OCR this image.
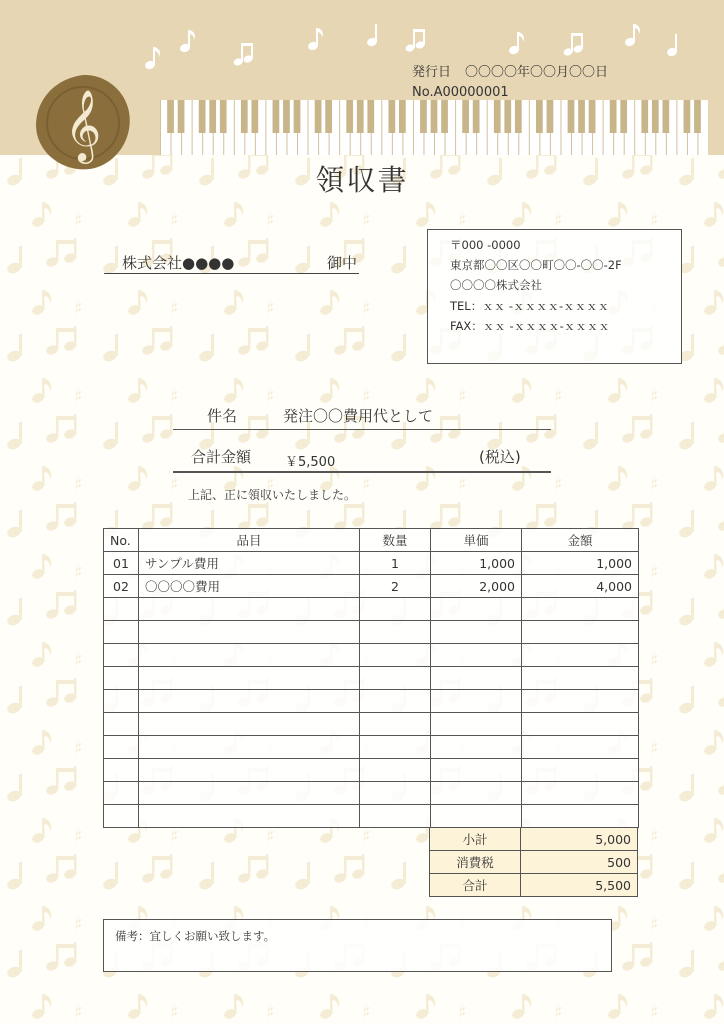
𝄞
発行日 〇〇〇〇年〇〇月〇〇日
No.A00000001
領収書
株式会社●●●●	御中
〒000 -0000
東京都〇〇区〇〇町〇〇-〇〇-2F
〇〇〇〇株式会社
TEL：ｘｘ -ｘｘｘｘ-ｘｘｘｘ
FAX：ｘｘ -ｘｘｘｘ-ｘｘｘｘ
件名	発注〇〇費用代として
合計金額	￥5,500	(税込)
上記、正に領収いたしました。
No.	品目	数量	単価	金額
01	サンプル費用	1	1,000	1,000
02	〇〇〇〇費用	2	2,000	4,000

小計	5,000
消費税	500
合計	5,500
備考：宜しくお願い致します。
